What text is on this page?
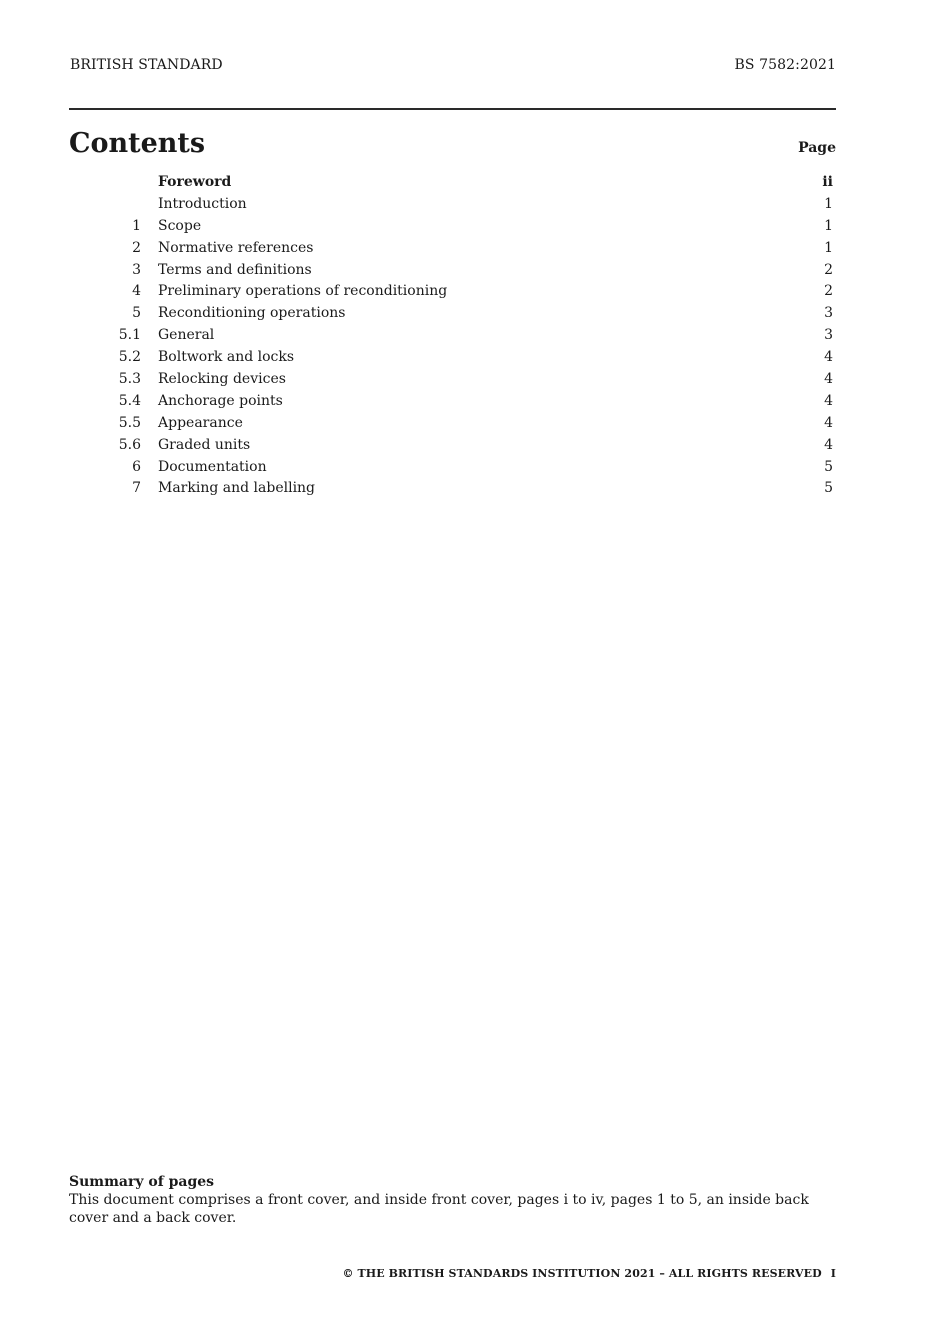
BRITISH STANDARD	BS 7582:2021
Contents	Page
Foreword	ii
Introduction	1
1 Scope	1
2 Normative references	1
3 Terms and definitions	2
4 Preliminary operations of reconditioning	2
5 Reconditioning operations	3
5.1 General	3
5.2 Boltwork and locks	4
5.3 Relocking devices	4
5.4 Anchorage points	4
5.5 Appearance	4
5.6 Graded units	4
6 Documentation	5
7 Marking and labelling	5
Summary of pages
This document comprises a front cover, and inside front cover, pages i to iv, pages 1 to 5, an inside back cover and a back cover.
© THE BRITISH STANDARDS INSTITUTION 2021 – ALL RIGHTS RESERVED I
